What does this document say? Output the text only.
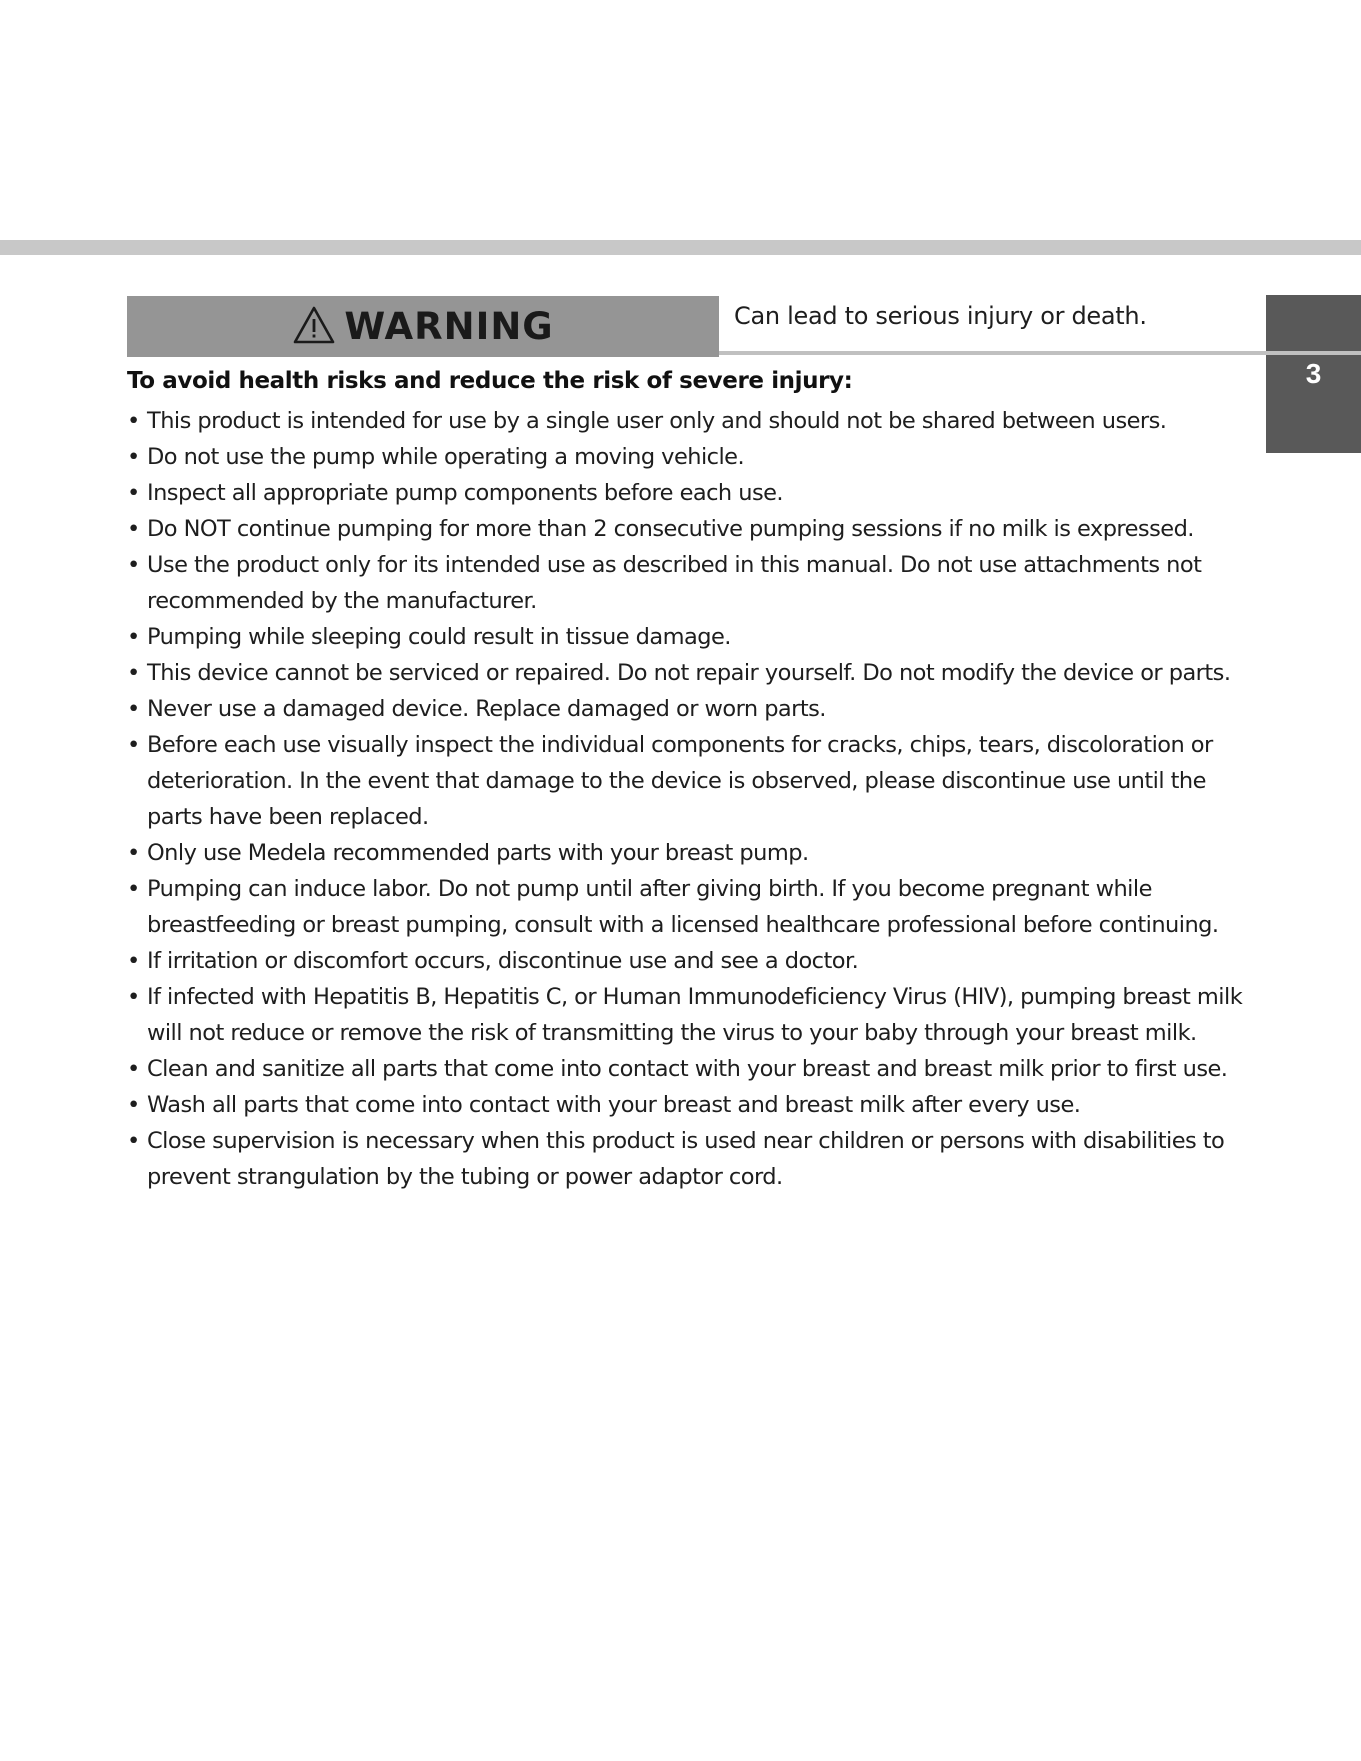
3
WARNING	Can lead to serious injury or death.
To avoid health risks and reduce the risk of severe injury:
• This product is intended for use by a single user only and should not be shared between users.
• Do not use the pump while operating a moving vehicle.
• Inspect all appropriate pump components before each use.
• Do NOT continue pumping for more than 2 consecutive pumping sessions if no milk is expressed.
• Use the product only for its intended use as described in this manual. Do not use attachments not
recommended by the manufacturer.
• Pumping while sleeping could result in tissue damage.
• This device cannot be serviced or repaired. Do not repair yourself. Do not modify the device or parts.
• Never use a damaged device. Replace damaged or worn parts.
• Before each use visually inspect the individual components for cracks, chips, tears, discoloration or
deterioration. In the event that damage to the device is observed, please discontinue use until the
parts have been replaced.
• Only use Medela recommended parts with your breast pump.
• Pumping can induce labor. Do not pump until after giving birth. If you become pregnant while
breastfeeding or breast pumping, consult with a licensed healthcare professional before continuing.
• If irritation or discomfort occurs, discontinue use and see a doctor.
• If infected with Hepatitis B, Hepatitis C, or Human Immunodeficiency Virus (HIV), pumping breast milk
will not reduce or remove the risk of transmitting the virus to your baby through your breast milk.
• Clean and sanitize all parts that come into contact with your breast and breast milk prior to first use.
• Wash all parts that come into contact with your breast and breast milk after every use.
• Close supervision is necessary when this product is used near children or persons with disabilities to
prevent strangulation by the tubing or power adaptor cord.
